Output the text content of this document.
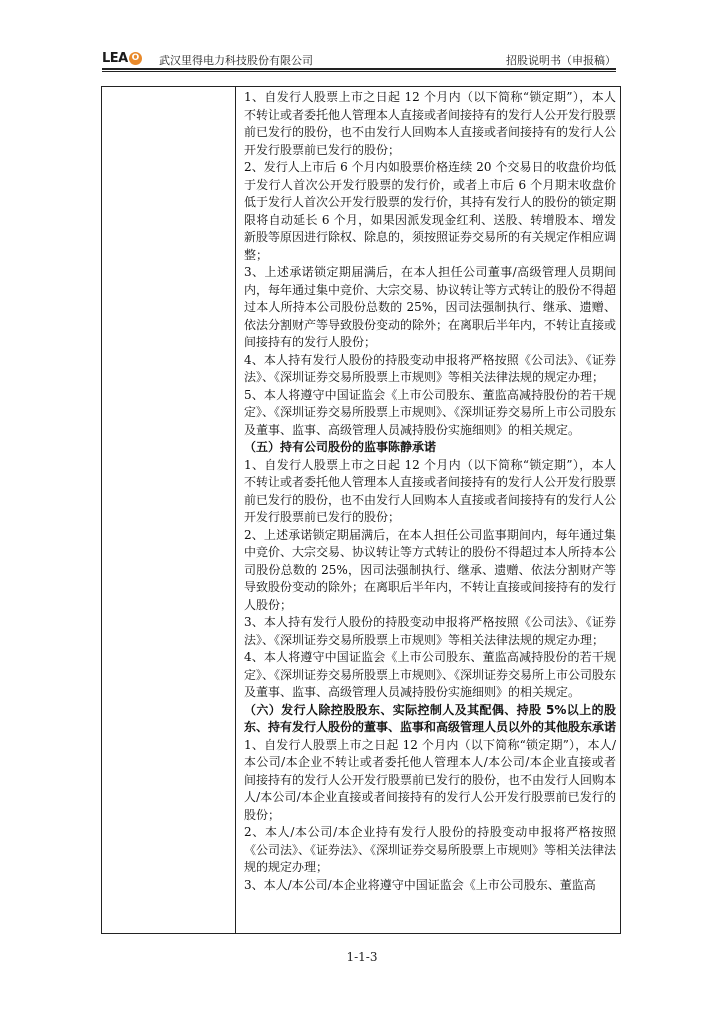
LEA O 武汉里得电力科技股份有限公司	招股说明书（申报稿）

1、自发行人股票上市之日起 12 个月内（以下简称“锁定期”），本人不转让或者委托他人管理本人直接或者间接持有的发行人公开发行股票前已发行的股份，也不由发行人回购本人直接或者间接持有的发行人公开发行股票前已发行的股份；

2、发行人上市后 6 个月内如股票价格连续 20 个交易日的收盘价均低于发行人首次公开发行股票的发行价，或者上市后 6 个月期末收盘价低于发行人首次公开发行股票的发行价，其持有发行人的股份的锁定期限将自动延长 6 个月，如果因派发现金红利、送股、转增股本、增发新股等原因进行除权、除息的，须按照证券交易所的有关规定作相应调整；

3、上述承诺锁定期届满后，在本人担任公司董事/高级管理人员期间内，每年通过集中竞价、大宗交易、协议转让等方式转让的股份不得超过本人所持本公司股份总数的 25%，因司法强制执行、继承、遗赠、依法分割财产等导致股份变动的除外；在离职后半年内，不转让直接或间接持有的发行人股份；

4、本人持有发行人股份的持股变动申报将严格按照《公司法》、《证券法》、《深圳证券交易所股票上市规则》等相关法律法规的规定办理；

5、本人将遵守中国证监会《上市公司股东、董监高减持股份的若干规定》、《深圳证券交易所股票上市规则》、《深圳证券交易所上市公司股东及董事、监事、高级管理人员减持股份实施细则》的相关规定。

（五）持有公司股份的监事陈静承诺

1、自发行人股票上市之日起 12 个月内（以下简称“锁定期”），本人不转让或者委托他人管理本人直接或者间接持有的发行人公开发行股票前已发行的股份，也不由发行人回购本人直接或者间接持有的发行人公开发行股票前已发行的股份；

2、上述承诺锁定期届满后，在本人担任公司监事期间内，每年通过集中竞价、大宗交易、协议转让等方式转让的股份不得超过本人所持本公司股份总数的 25%，因司法强制执行、继承、遗赠、依法分割财产等导致股份变动的除外；在离职后半年内，不转让直接或间接持有的发行人股份；

3、本人持有发行人股份的持股变动申报将严格按照《公司法》、《证券法》、《深圳证券交易所股票上市规则》等相关法律法规的规定办理；

4、本人将遵守中国证监会《上市公司股东、董监高减持股份的若干规定》、《深圳证券交易所股票上市规则》、《深圳证券交易所上市公司股东及董事、监事、高级管理人员减持股份实施细则》的相关规定。

（六）发行人除控股股东、实际控制人及其配偶、持股 5%以上的股东、持有发行人股份的董事、监事和高级管理人员以外的其他股东承诺

1、自发行人股票上市之日起 12 个月内（以下简称“锁定期”），本人/本公司/本企业不转让或者委托他人管理本人/本公司/本企业直接或者间接持有的发行人公开发行股票前已发行的股份，也不由发行人回购本人/本公司/本企业直接或者间接持有的发行人公开发行股票前已发行的股份；

2、本人/本公司/本企业持有发行人股份的持股变动申报将严格按照《公司法》、《证券法》、《深圳证券交易所股票上市规则》等相关法律法规的规定办理；

3、本人/本公司/本企业将遵守中国证监会《上市公司股东、董监高

1-1-3
